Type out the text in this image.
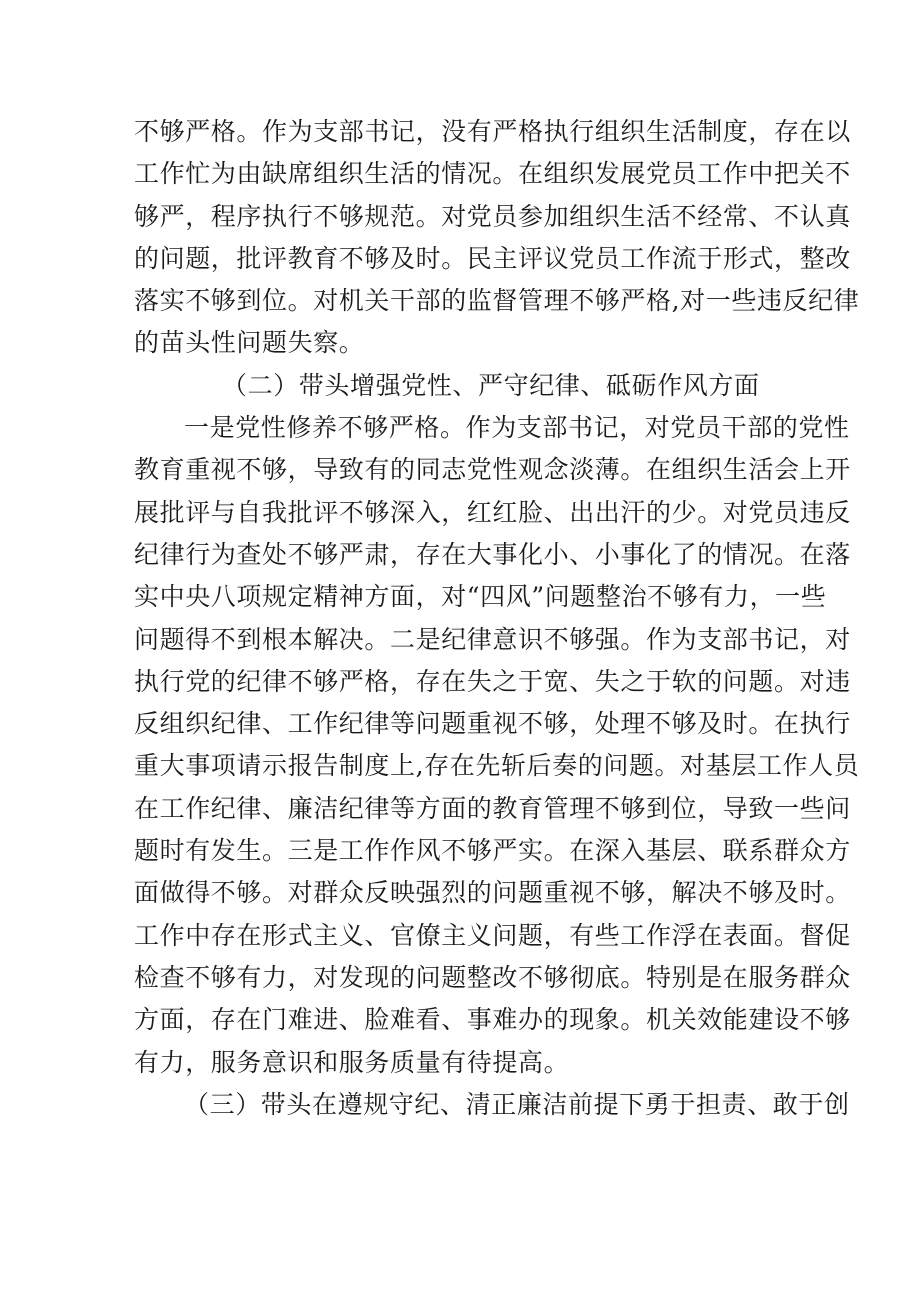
不够严格。作为支部书记，没有严格执行组织生活制度，存在以
工作忙为由缺席组织生活的情况。在组织发展党员工作中把关不
够严，程序执行不够规范。对党员参加组织生活不经常、不认真
的问题，批评教育不够及时。民主评议党员工作流于形式，整改
落实不够到位。对机关干部的监督管理不够严格,对一些违反纪律
的苗头性问题失察。
（二）带头增强党性、严守纪律、砥砺作风方面
一是党性修养不够严格。作为支部书记，对党员干部的党性
教育重视不够，导致有的同志党性观念淡薄。在组织生活会上开
展批评与自我批评不够深入，红红脸、出出汗的少。对党员违反
纪律行为查处不够严肃，存在大事化小、小事化了的情况。在落
实中央八项规定精神方面，对“四风”问题整治不够有力，一些
问题得不到根本解决。二是纪律意识不够强。作为支部书记，对
执行党的纪律不够严格，存在失之于宽、失之于软的问题。对违
反组织纪律、工作纪律等问题重视不够，处理不够及时。在执行
重大事项请示报告制度上,存在先斩后奏的问题。对基层工作人员
在工作纪律、廉洁纪律等方面的教育管理不够到位，导致一些问
题时有发生。三是工作作风不够严实。在深入基层、联系群众方
面做得不够。对群众反映强烈的问题重视不够，解决不够及时。
工作中存在形式主义、官僚主义问题，有些工作浮在表面。督促
检查不够有力，对发现的问题整改不够彻底。特别是在服务群众
方面，存在门难进、脸难看、事难办的现象。机关效能建设不够
有力，服务意识和服务质量有待提高。
（三）带头在遵规守纪、清正廉洁前提下勇于担责、敢于创
